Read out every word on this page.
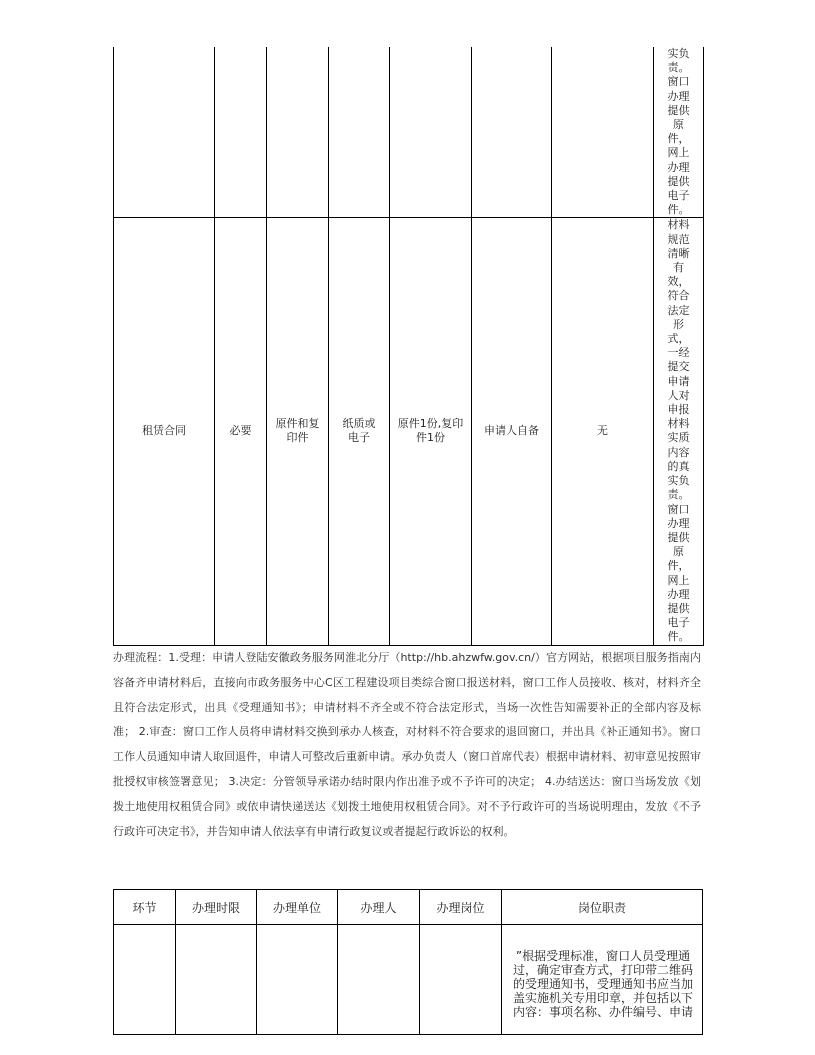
							实负责。窗口办理提供原件，网上办理提供电子件。
租赁合同	必要	原件和复印件	纸质或电子	原件1份,复印件1份	申请人自备	无	材料规范清晰有效，符合法定形式，一经提交申请人对申报材料实质内容的真实负责。窗口办理提供原件，网上办理提供电子件。

办理流程：1.受理：申请人登陆安徽政务服务网淮北分厅（http://hb.ahzwfw.gov.cn/）官方网站，根据项目服务指南内容备齐申请材料后，直接向市政务服务中心C区工程建设项目类综合窗口报送材料，窗口工作人员接收、核对，材料齐全且符合法定形式，出具《受理通知书》；申请材料不齐全或不符合法定形式，当场一次性告知需要补正的全部内容及标准； 2.审查：窗口工作人员将申请材料交换到承办人核查，对材料不符合要求的退回窗口，并出具《补正通知书》。窗口工作人员通知申请人取回退件，申请人可整改后重新申请。承办负责人（窗口首席代表）根据申请材料、初审意见按照审批授权审核签署意见； 3.决定：分管领导承诺办结时限内作出准予或不予许可的决定； 4.办结送达：窗口当场发放《划拨土地使用权租赁合同》或依申请快递送达《划拨土地使用权租赁合同》。对不予行政许可的当场说明理由，发放《不予行政许可决定书》，并告知申请人依法享有申请行政复议或者提起行政诉讼的权利。

环节	办理时限	办理单位	办理人	办理岗位	岗位职责
					”根据受理标准，窗口人员受理通过，确定审查方式，打印带二维码的受理通知书，受理通知书应当加盖实施机关专用印章，并包括以下内容：事项名称、办件编号、申请
